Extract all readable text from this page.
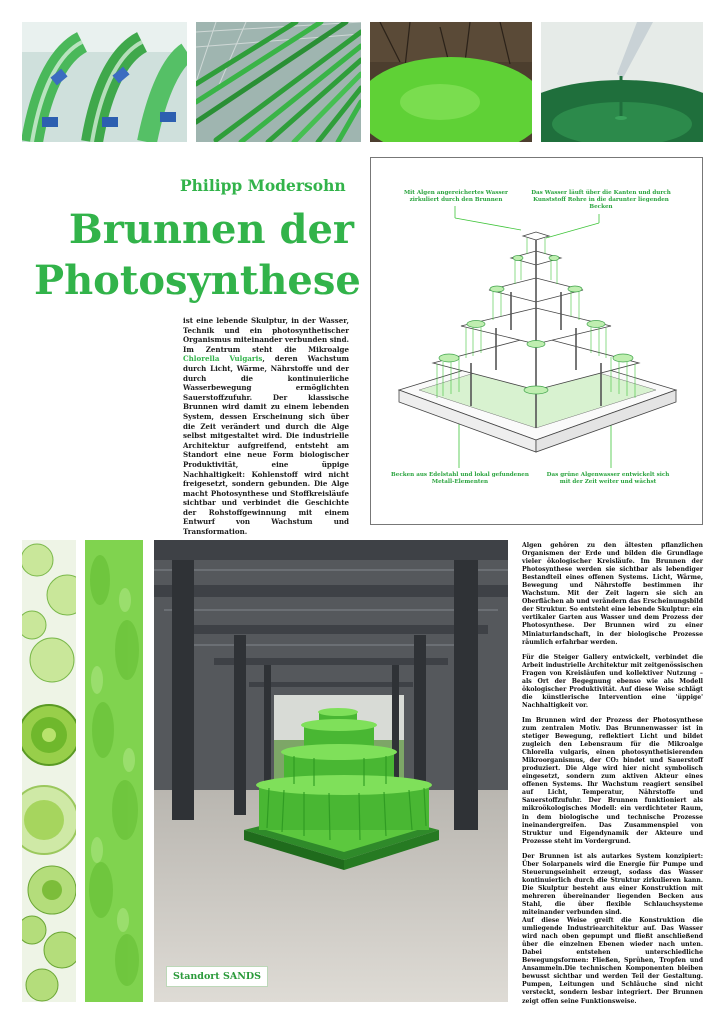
Philipp Modersohn
Brunnen der
Photosynthese
ist eine lebende Skulptur, in der Wasser, Technik und ein photosynthetischer Organismus miteinander verbunden sind. Im Zentrum steht die Mikroalge Chlorella Vulgaris, deren Wachstum durch Licht, Wärme, Nährstoffe und der durch die kontinuierliche Wasserbewegung ermöglichten Sauerstoffzufuhr. Der klassische Brunnen wird damit zu einem lebenden System, dessen Erscheinung sich über die Zeit verändert und durch die Alge selbst mitgestaltet wird. Die industrielle Architektur aufgreifend, entsteht am Standort eine neue Form biologischer Produktivität, eine üppige Nachhaltigkeit: Kohlenstoff wird nicht freigesetzt, sondern gebunden. Die Alge macht Photosynthese und Stoffkreisläufe sichtbar und verbindet die Geschichte der Rohstoffgewinnung mit einem Entwurf von Wachstum und Transformation.
Mit Algen angereichertes Wasser zirkuliert durch den Brunnen
Das Wasser läuft über die Kanten und durch Kunststoff Rohre in die darunter liegenden Becken
Becken aus Edelstahl und lokal gefundenen Metall-Elementen
Das grüne Algenwasser entwickelt sich mit der Zeit weiter und wächst
Standort SANDS

Algen gehören zu den ältesten pflanzlichen Organismen der Erde und bilden die Grundlage vieler ökologischer Kreisläufe. Im Brunnen der Photosynthese werden sie sichtbar als lebendiger Bestandteil eines offenen Systems. Licht, Wärme, Bewegung und Nährstoffe bestimmen ihr Wachstum. Mit der Zeit lagern sie sich an Oberflächen ab und verändern das Erscheinungsbild der Struktur. So entsteht eine lebende Skulptur: ein vertikaler Garten aus Wasser und dem Prozess der Photosynthese. Der Brunnen wird zu einer Miniaturlandschaft, in der biologische Prozesse räumlich erfahrbar werden.

Für die Steiger Gallery entwickelt, verbindet die Arbeit industrielle Architektur mit zeitgenössischen Fragen von Kreisläufen und kollektiver Nutzung – als Ort der Begegnung ebenso wie als Modell ökologischer Produktivität. Auf diese Weise schlägt die künstlerische Intervention eine 'üppige' Nachhaltigkeit vor.

Im Brunnen wird der Prozess der Photosynthese zum zentralen Motiv. Das Brunnenwasser ist in stetiger Bewegung, reflektiert Licht und bildet zugleich den Lebensraum für die Mikroalge Chlorella vulgaris, einen photosynthetisierenden Mikroorganismus, der CO₂ bindet und Sauerstoff produziert. Die Alge wird hier nicht symbolisch eingesetzt, sondern zum aktiven Akteur eines offenen Systems. Ihr Wachstum reagiert sensibel auf Licht, Temperatur, Nährstoffe und Sauerstoffzufuhr. Der Brunnen funktioniert als mikroökologisches Modell: ein verdichteter Raum, in dem biologische und technische Prozesse ineinandergreifen. Das Zusammenspiel von Struktur und Eigendynamik der Akteure und Prozesse steht im Vordergrund.

Der Brunnen ist als autarkes System konzipiert: Über Solarpanels wird die Energie für Pumpe und Steuerungseinheit erzeugt, sodass das Wasser kontinuierlich durch die Struktur zirkulieren kann. Die Skulptur besteht aus einer Konstruktion mit mehreren übereinander liegenden Becken aus Stahl, die über flexible Schlauchsysteme miteinander verbunden sind.

Auf diese Weise greift die Konstruktion die umliegende Industriearchitektur auf. Das Wasser wird nach oben gepumpt und fließt anschließend über die einzelnen Ebenen wieder nach unten. Dabei entstehen unterschiedliche Bewegungsformen: Fließen, Sprühen, Tropfen und Ansammeln.Die technischen Komponenten bleiben bewusst sichtbar und werden Teil der Gestaltung. Pumpen, Leitungen und Schläuche sind nicht versteckt, sondern lesbar integriert. Der Brunnen zeigt offen seine Funktionsweise.
